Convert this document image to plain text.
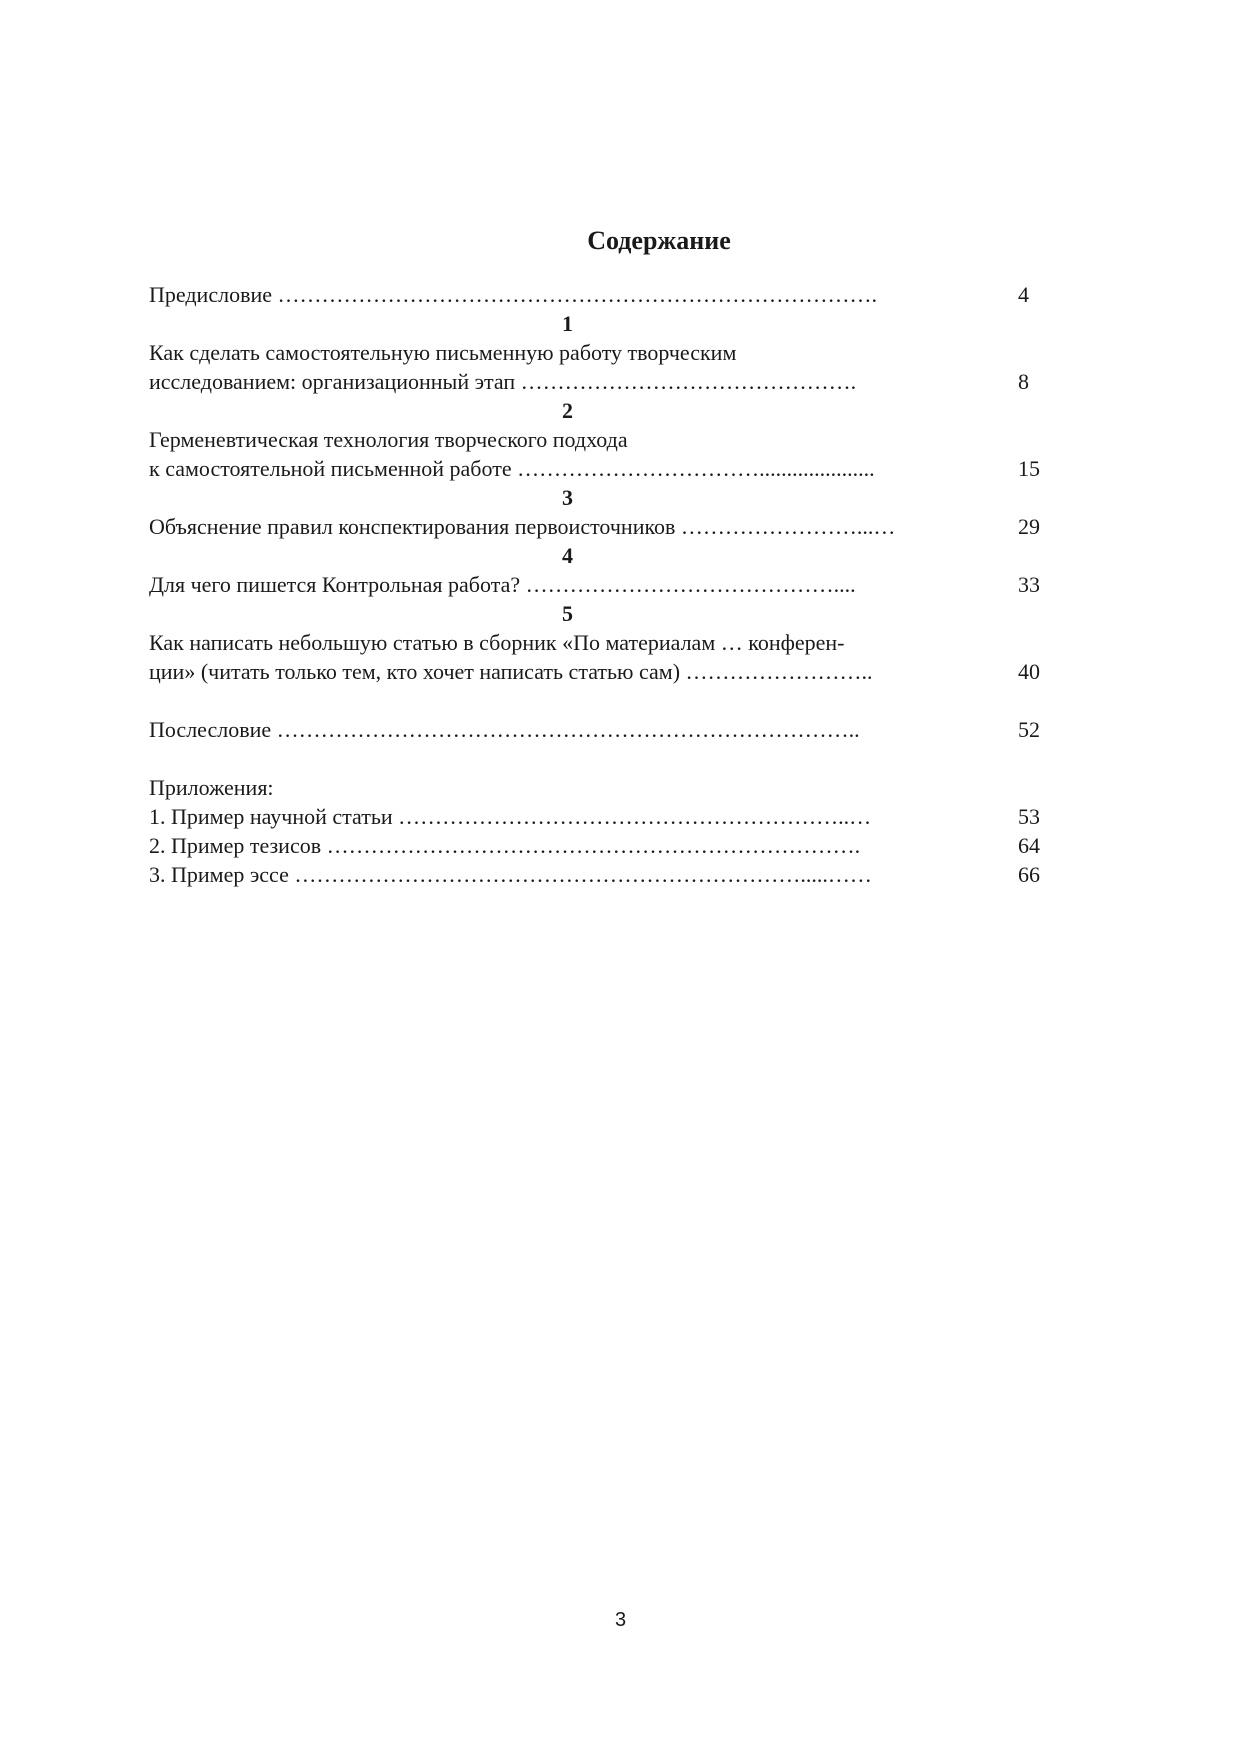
Содержание
Предисловие ……………………………………………………………………….	4
1
Как сделать самостоятельную письменную работу творческим
исследованием: организационный этап ……………………………………….	8
2
Герменевтическая технология творческого подхода
к самостоятельной письменной работе …………………………….....................	15
3
Объяснение правил конспектирования первоисточников ……………………...…	29
4
Для чего пишется Контрольная работа? ……………………………………....	33
5
Как написать небольшую статью в сборник «По материалам … конферен-
ции» (читать только тем, кто хочет написать статью сам) ……………………..	40
Послесловие ……………………………………………………………………..	52
Приложения:
1. Пример научной статьи ……………………………………………………..…	53
2. Пример тезисов ……………………………………………………………….	64
3. Пример эссе …………………………………………………………….....……	66
3
